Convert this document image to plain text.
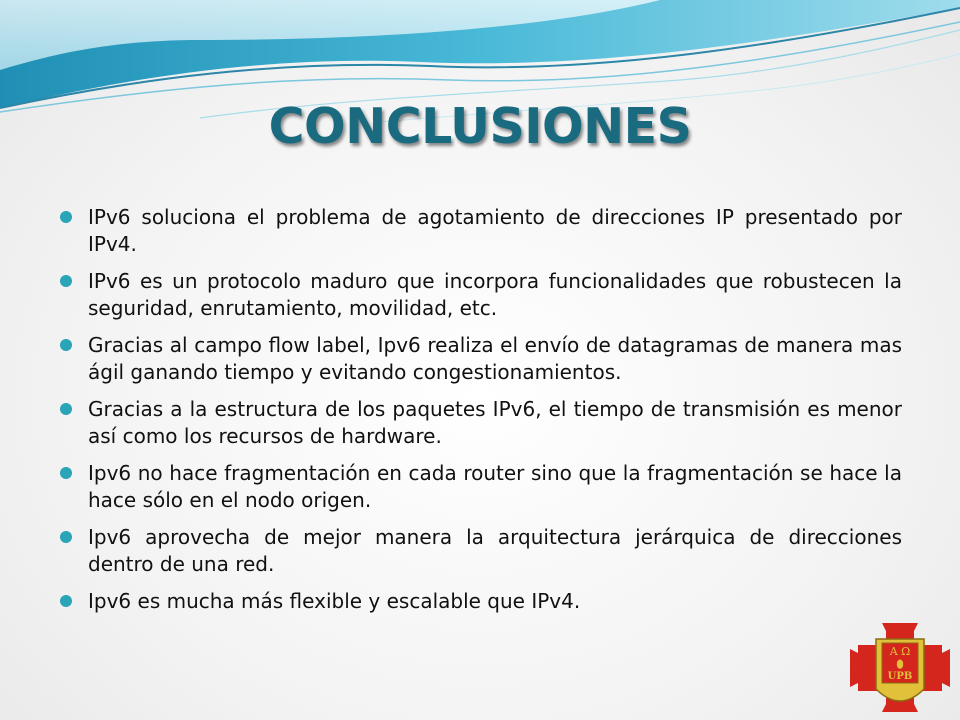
CONCLUSIONES
IPv6 soluciona el problema de agotamiento de direcciones IP presentado por IPv4.
IPv6 es un protocolo maduro que incorpora funcionalidades que robustecen la seguridad, enrutamiento, movilidad, etc.
Gracias al campo flow label, Ipv6 realiza el envío de datagramas de manera mas ágil ganando tiempo y evitando congestionamientos.
Gracias a la estructura de los paquetes IPv6, el tiempo de transmisión es menor así como los recursos de hardware.
Ipv6 no hace fragmentación en cada router sino que la fragmentación se hace la hace sólo en el nodo origen.
Ipv6 aprovecha de mejor manera la arquitectura jerárquica de direcciones dentro de una red.
Ipv6 es mucha más flexible y escalable que IPv4.
Α Ω
UPB
